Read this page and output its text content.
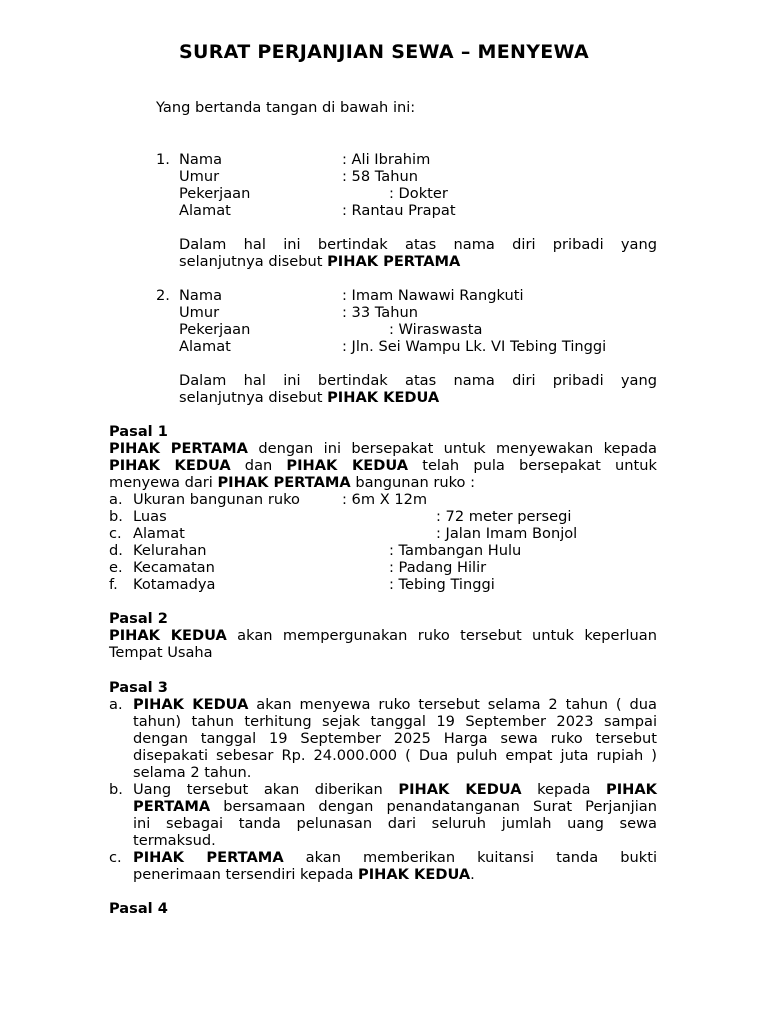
SURAT PERJANJIAN SEWA – MENYEWA
Yang bertanda tangan di bawah ini:
1. Nama	: Ali Ibrahim
Umur	: 58 Tahun
Pekerjaan	: Dokter
Alamat	: Rantau Prapat
Dalam hal ini bertindak atas nama diri pribadi yang
selanjutnya disebut PIHAK PERTAMA
2. Nama	: Imam Nawawi Rangkuti
Umur	: 33 Tahun
Pekerjaan	: Wiraswasta
Alamat	: Jln. Sei Wampu Lk. VI Tebing Tinggi
Dalam hal ini bertindak atas nama diri pribadi yang
selanjutnya disebut PIHAK KEDUA
Pasal 1
PIHAK PERTAMA dengan ini bersepakat untuk menyewakan kepada
PIHAK KEDUA dan PIHAK KEDUA telah pula bersepakat untuk
menyewa dari PIHAK PERTAMA bangunan ruko :
a. Ukuran bangunan ruko	: 6m X 12m
b. Luas	: 72 meter persegi
c. Alamat	: Jalan Imam Bonjol
d. Kelurahan	: Tambangan Hulu
e. Kecamatan	: Padang Hilir
f. Kotamadya	: Tebing Tinggi
Pasal 2
PIHAK KEDUA akan mempergunakan ruko tersebut untuk keperluan
Tempat Usaha
Pasal 3
a. PIHAK KEDUA akan menyewa ruko tersebut selama 2 tahun ( dua
tahun) tahun terhitung sejak tanggal 19 September 2023 sampai
dengan tanggal 19 September 2025 Harga sewa ruko tersebut
disepakati sebesar Rp. 24.000.000 ( Dua puluh empat juta rupiah )
selama 2 tahun.
b. Uang tersebut akan diberikan PIHAK KEDUA kepada PIHAK
PERTAMA bersamaan dengan penandatanganan Surat Perjanjian
ini sebagai tanda pelunasan dari seluruh jumlah uang sewa
termaksud.
c. PIHAK PERTAMA akan memberikan kuitansi tanda bukti
penerimaan tersendiri kepada PIHAK KEDUA.
Pasal 4
